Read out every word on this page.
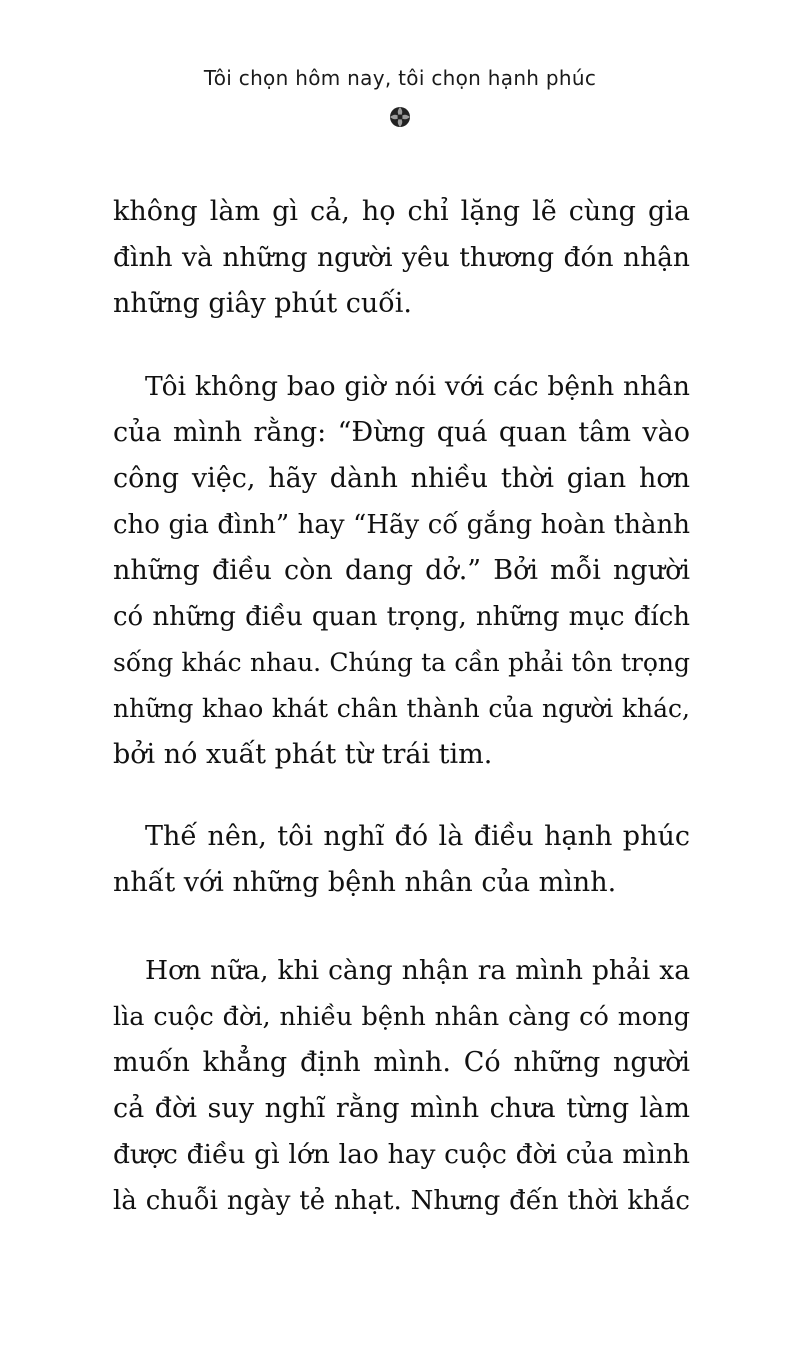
Tôi chọn hôm nay, tôi chọn hạnh phúc
không làm gì cả, họ chỉ lặng lẽ cùng gia
đình và những người yêu thương đón nhận
những giây phút cuối.
Tôi không bao giờ nói với các bệnh nhân
của mình rằng: “Đừng quá quan tâm vào
công việc, hãy dành nhiều thời gian hơn
cho gia đình” hay “Hãy cố gắng hoàn thành
những điều còn dang dở.” Bởi mỗi người
có những điều quan trọng, những mục đích
sống khác nhau. Chúng ta cần phải tôn trọng
những khao khát chân thành của người khác,
bởi nó xuất phát từ trái tim.
Thế nên, tôi nghĩ đó là điều hạnh phúc
nhất với những bệnh nhân của mình.
Hơn nữa, khi càng nhận ra mình phải xa
lìa cuộc đời, nhiều bệnh nhân càng có mong
muốn khẳng định mình. Có những người
cả đời suy nghĩ rằng mình chưa từng làm
được điều gì lớn lao hay cuộc đời của mình
là chuỗi ngày tẻ nhạt. Nhưng đến thời khắc
